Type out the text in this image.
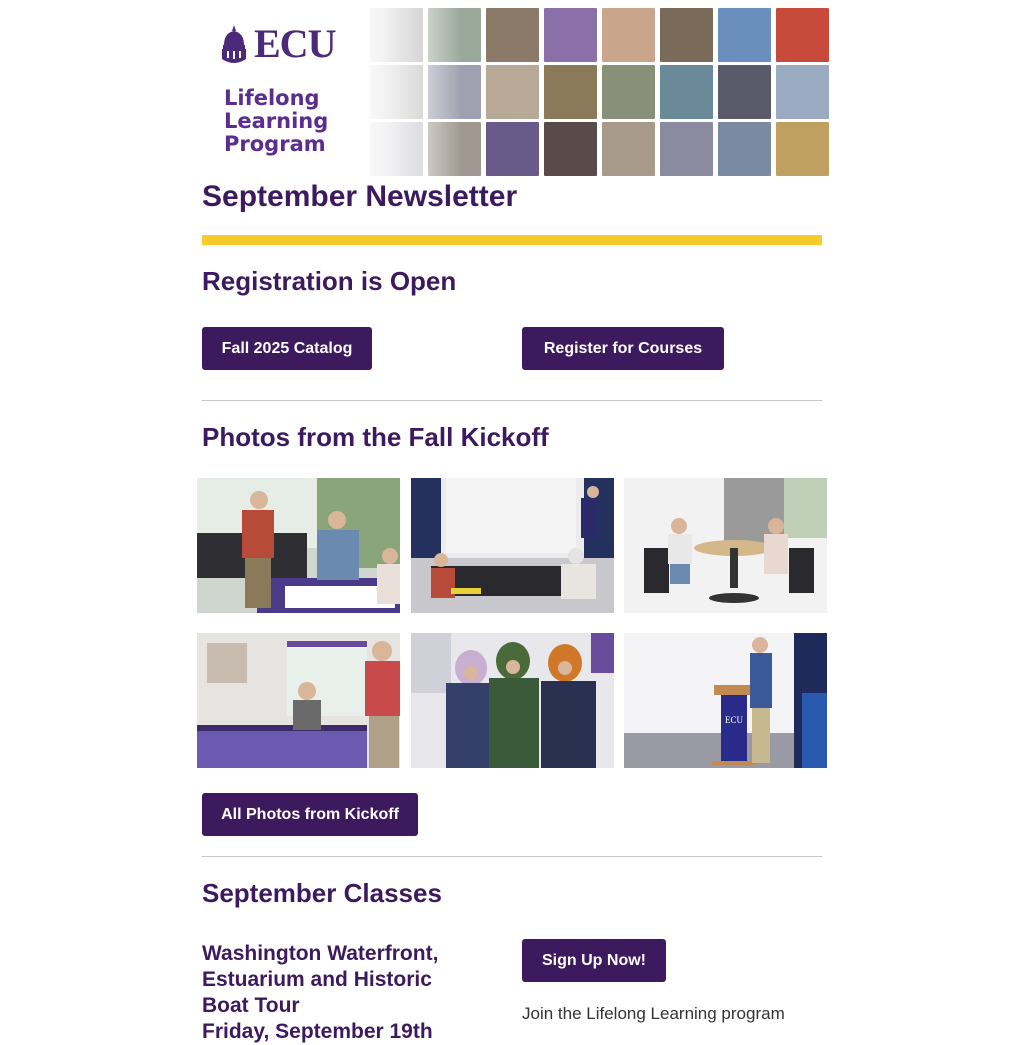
ECU
Lifelong
Learning
Program
September Newsletter
Registration is Open
Fall 2025 Catalog	Register for Courses
Photos from the Fall Kickoff
ECU
All Photos from Kickoff
September Classes
Washington Waterfront, Estuarium and Historic Boat Tour
Friday, September 19th
Sign Up Now!
Join the Lifelong Learning program
